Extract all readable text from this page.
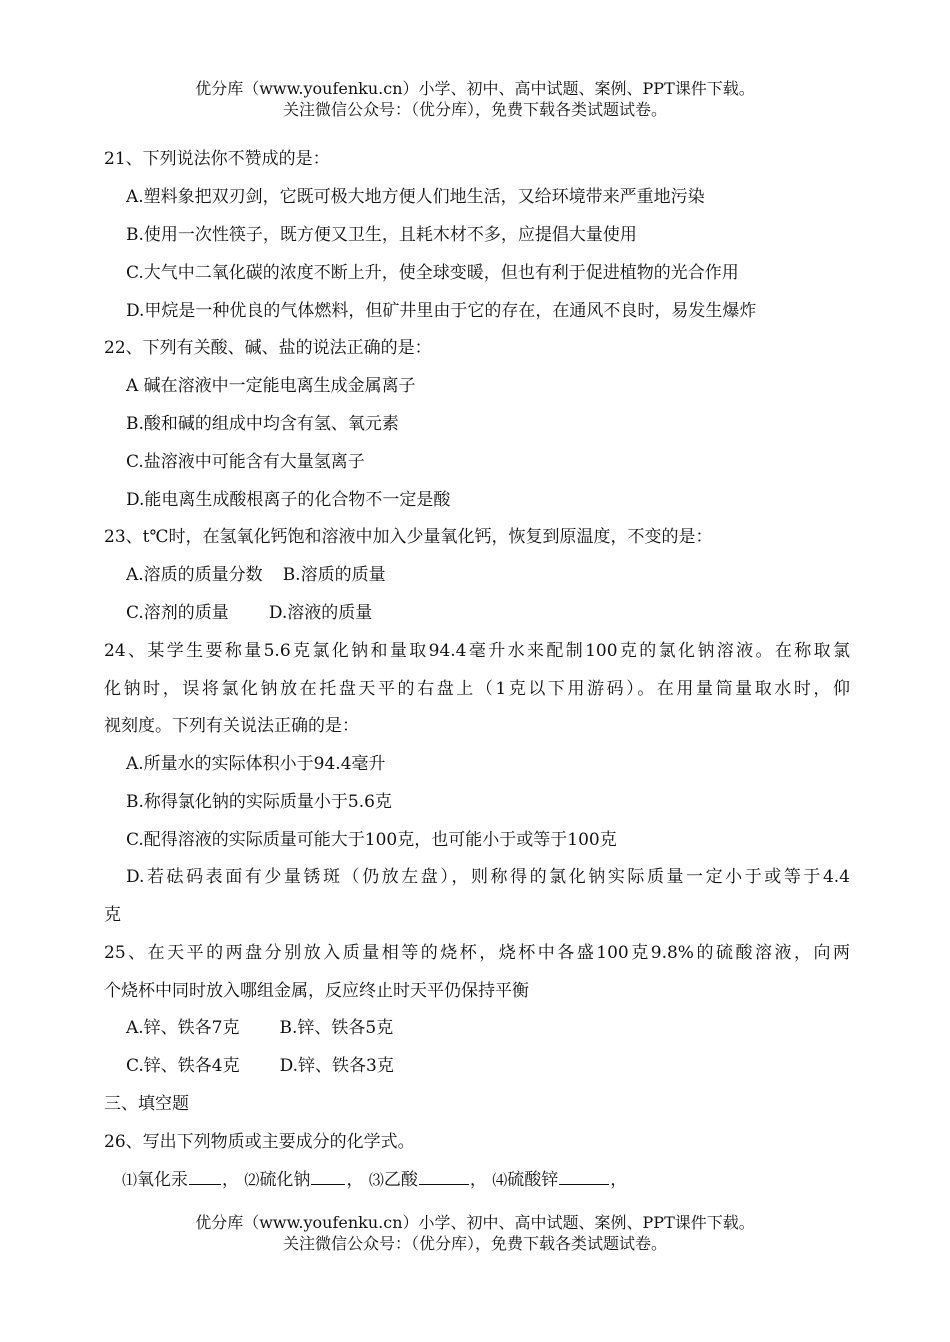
优分库（www.youfenku.cn）小学、初中、高中试题、案例、PPT课件下载。
关注微信公众号：（优分库），免费下载各类试题试卷。
21、下列说法你不赞成的是：
A.塑料象把双刃剑，它既可极大地方便人们地生活，又给环境带来严重地污染
B.使用一次性筷子，既方便又卫生，且耗木材不多，应提倡大量使用
C.大气中二氧化碳的浓度不断上升，使全球变暖，但也有利于促进植物的光合作用
D.甲烷是一种优良的气体燃料，但矿井里由于它的存在，在通风不良时，易发生爆炸
22、下列有关酸、碱、盐的说法正确的是：
A 碱在溶液中一定能电离生成金属离子
B.酸和碱的组成中均含有氢、氧元素
C.盐溶液中可能含有大量氢离子
D.能电离生成酸根离子的化合物不一定是酸
23、t℃时，在氢氧化钙饱和溶液中加入少量氧化钙，恢复到原温度，不变的是：
A.溶质的质量分数 B.溶质的质量
C.溶剂的质量 D.溶液的质量
24、某学生要称量5.6克氯化钠和量取94.4毫升水来配制100克的氯化钠溶液。在称取氯
化钠时，误将氯化钠放在托盘天平的右盘上（1克以下用游码）。在用量筒量取水时，仰
视刻度。下列有关说法正确的是：
A.所量水的实际体积小于94.4毫升
B.称得氯化钠的实际质量小于5.6克
C.配得溶液的实际质量可能大于100克，也可能小于或等于100克
D.若砝码表面有少量锈斑（仍放左盘），则称得的氯化钠实际质量一定小于或等于4.4
克
25、在天平的两盘分别放入质量相等的烧杯，烧杯中各盛100克9.8%的硫酸溶液，向两
个烧杯中同时放入哪组金属，反应终止时天平仍保持平衡
A.锌、铁各7克 B.锌、铁各5克
C.锌、铁各4克 D.锌、铁各3克
三、填空题
26、写出下列物质或主要成分的化学式。
⑴氧化汞 ， ⑵硫化钠 ， ⑶乙酸	， ⑷硫酸锌	，
优分库（www.youfenku.cn）小学、初中、高中试题、案例、PPT课件下载。
关注微信公众号：（优分库），免费下载各类试题试卷。
